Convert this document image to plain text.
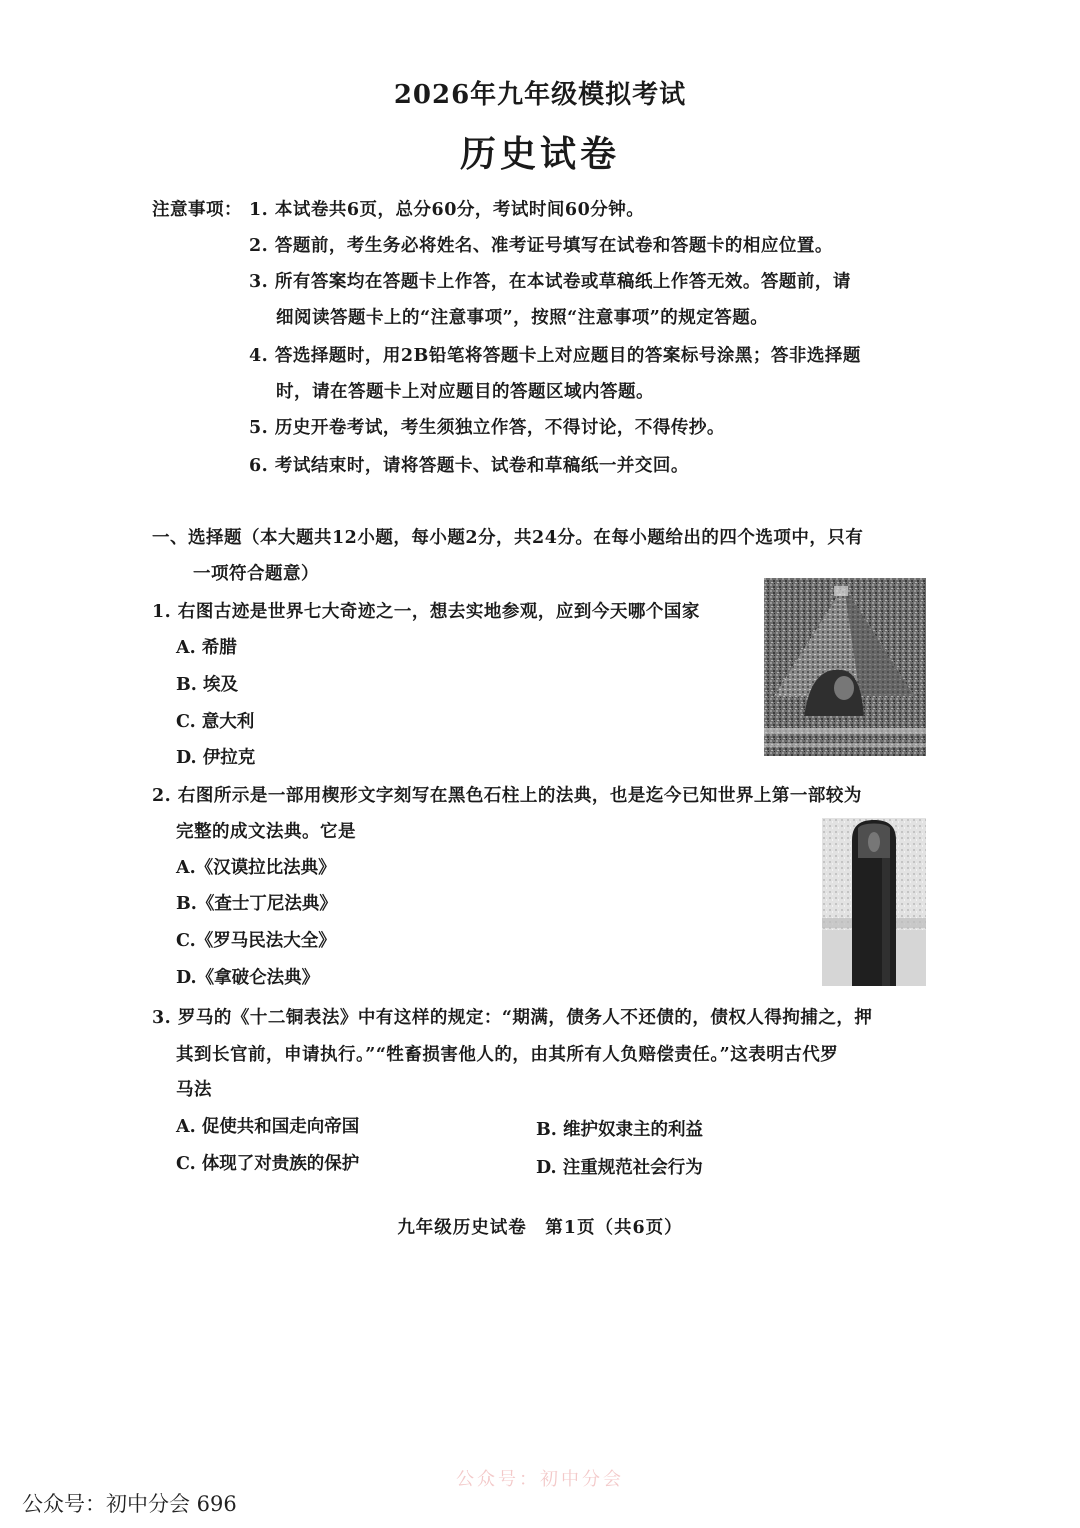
2026年九年级模拟考试
历史试卷
注意事项： 1. 本试卷共6页，总分60分，考试时间60分钟。
2. 答题前，考生务必将姓名、准考证号填写在试卷和答题卡的相应位置。
3. 所有答案均在答题卡上作答，在本试卷或草稿纸上作答无效。答题前，请
细阅读答题卡上的“注意事项”，按照“注意事项”的规定答题。
4. 答选择题时，用2B铅笔将答题卡上对应题目的答案标号涂黑；答非选择题
时，请在答题卡上对应题目的答题区域内答题。
5. 历史开卷考试，考生须独立作答，不得讨论，不得传抄。
6. 考试结束时，请将答题卡、试卷和草稿纸一并交回。
一、选择题（本大题共12小题，每小题2分，共24分。在每小题给出的四个选项中，只有
一项符合题意）
1. 右图古迹是世界七大奇迹之一，想去实地参观，应到今天哪个国家
A. 希腊
B. 埃及
C. 意大利
D. 伊拉克
2. 右图所示是一部用楔形文字刻写在黑色石柱上的法典，也是迄今已知世界上第一部较为
完整的成文法典。它是
A.《汉谟拉比法典》
B.《查士丁尼法典》
C.《罗马民法大全》
D.《拿破仑法典》
3. 罗马的《十二铜表法》中有这样的规定：“期满，债务人不还债的，债权人得拘捕之，押
其到长官前，申请执行。”“牲畜损害他人的，由其所有人负赔偿责任。”这表明古代罗
马法
A. 促使共和国走向帝国	B. 维护奴隶主的利益
C. 体现了对贵族的保护	D. 注重规范社会行为
九年级历史试卷　第1页（共6页）
公众号：初中分会
公众号：初中分会 696
